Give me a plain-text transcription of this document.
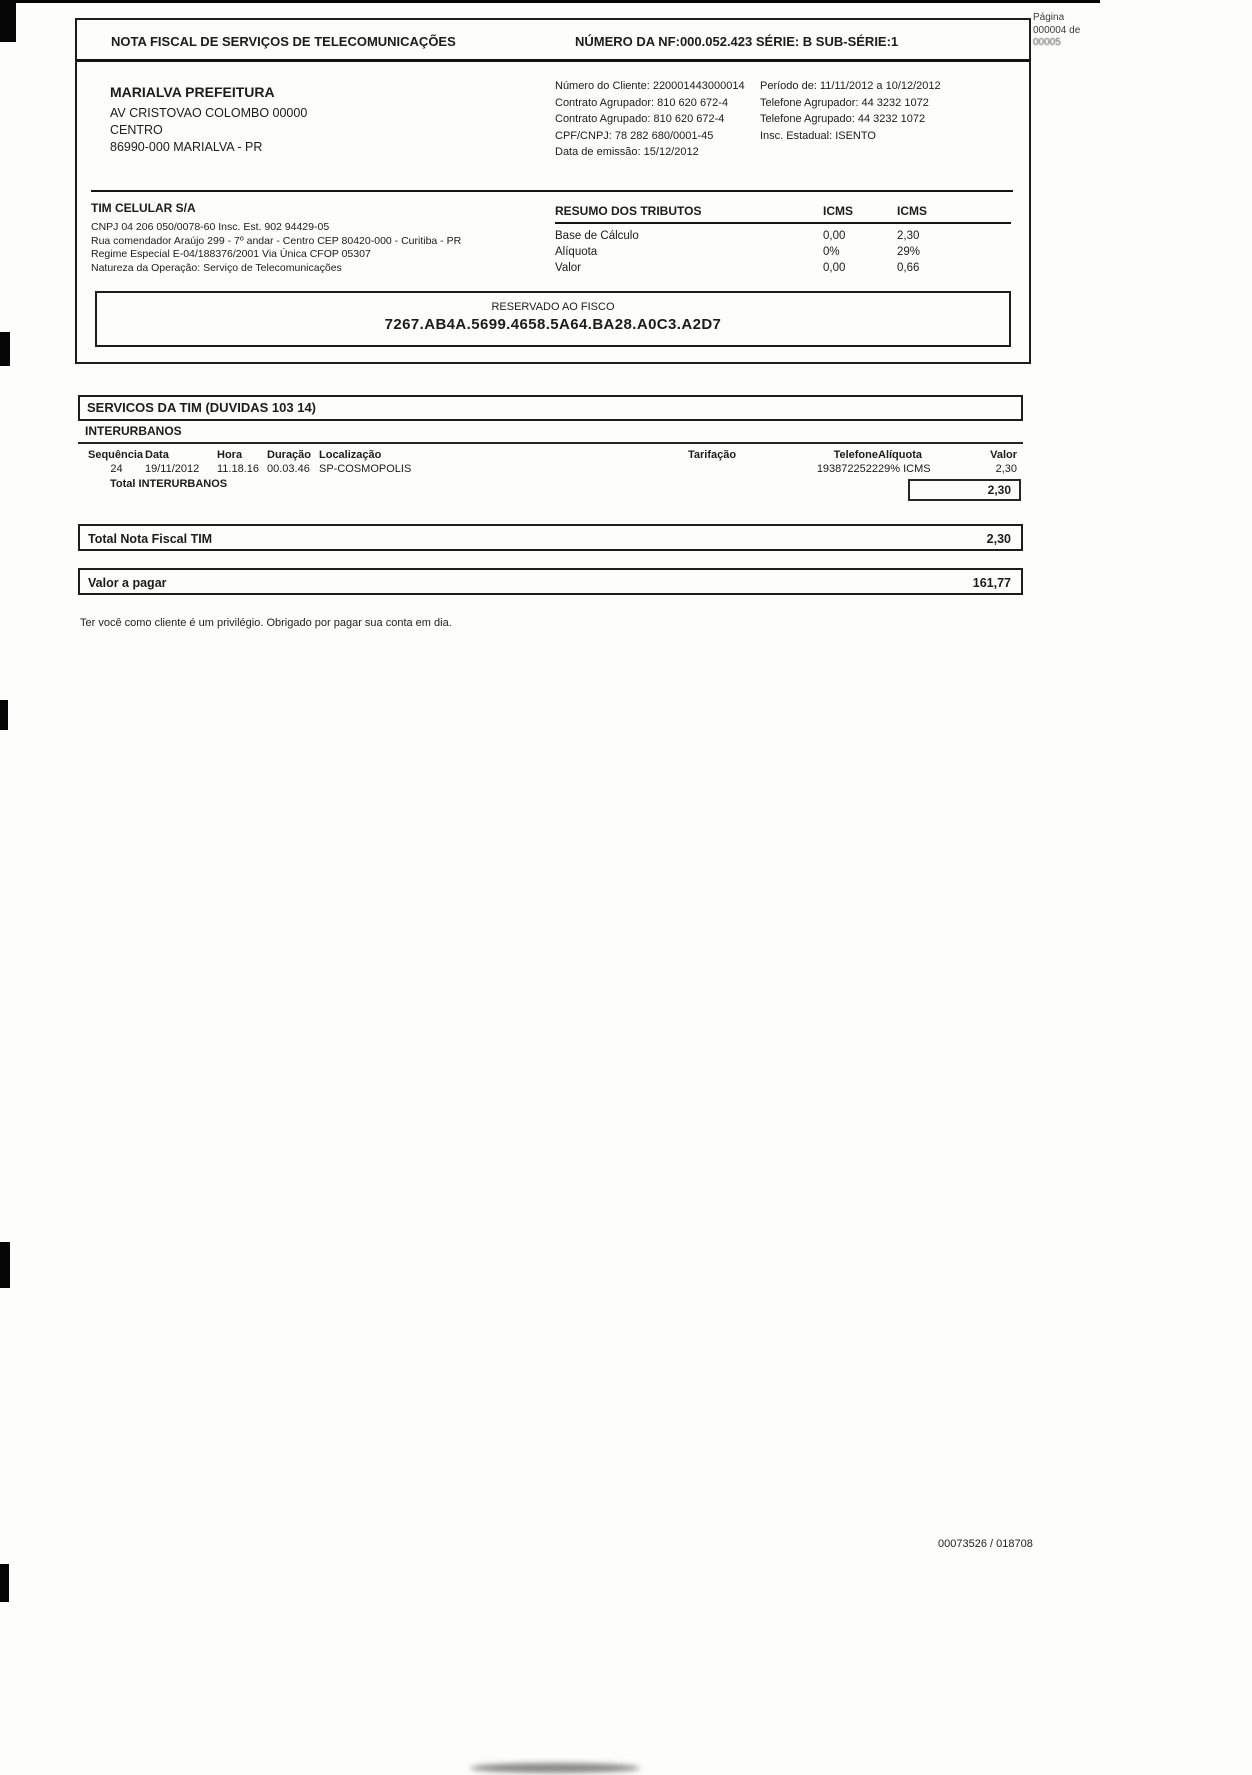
Página
000004 de
00005
NOTA FISCAL DE SERVIÇOS DE TELECOMUNICAÇÕES	NÚMERO DA NF:000.052.423 SÉRIE: B SUB-SÉRIE:1
MARIALVA PREFEITURA
AV CRISTOVAO COLOMBO 00000
CENTRO
86990-000 MARIALVA - PR
Número do Cliente: 220001443000014
Contrato Agrupador: 810 620 672-4
Contrato Agrupado: 810 620 672-4
CPF/CNPJ: 78 282 680/0001-45
Data de emissão: 15/12/2012
Período de: 11/11/2012 a 10/12/2012
Telefone Agrupador: 44 3232 1072
Telefone Agrupado: 44 3232 1072
Insc. Estadual: ISENTO
TIM CELULAR S/A
CNPJ 04 206 050/0078-60 Insc. Est. 902 94429-05
Rua comendador Araújo 299 - 7º andar - Centro CEP 80420-000 - Curitiba - PR
Regime Especial E-04/188376/2001 Via Única CFOP 05307
Natureza da Operação: Serviço de Telecomunicações
RESUMO DOS TRIBUTOS	ICMS	ICMS
Base de Cálculo	0,00	2,30
Alíquota	0%	29%
Valor	0,00	0,66
RESERVADO AO FISCO
7267.AB4A.5699.4658.5A64.BA28.A0C3.A2D7
SERVICOS DA TIM (DUVIDAS 103 14)
INTERURBANOS
Sequência Data	Hora	Duração Localização	Tarifação	Telefone Alíquota	Valor
24	19/11/2012	11.18.16 00.03.46 SP-COSMOPOLIS	1938722522 29% ICMS	2,30
Total INTERURBANOS	2,30
Total Nota Fiscal TIM	2,30
Valor a pagar	161,77
Ter você como cliente é um privilégio. Obrigado por pagar sua conta em dia.
00073526 / 018708
